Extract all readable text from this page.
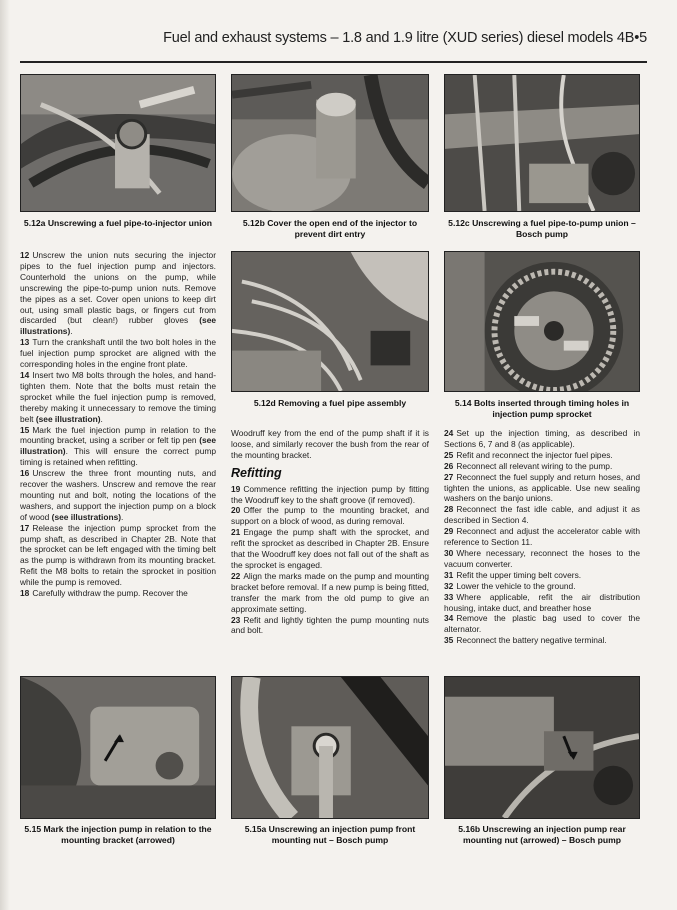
Fuel and exhaust systems – 1.8 and 1.9 litre (XUD series) diesel models 4B•5
5.12a Unscrewing a fuel pipe-to-injector union	5.12b Cover the open end of the injector to prevent dirt entry
5.12c Unscrewing a fuel pipe-to-pump union – Bosch pump
5.12d Removing a fuel pipe assembly	5.14 Bolts inserted through timing holes in injection pump sprocket
5.15 Mark the injection pump in relation to the mounting bracket (arrowed)
5.15a Unscrewing an injection pump front mounting nut – Bosch pump
5.16b Unscrewing an injection pump rear mounting nut (arrowed) – Bosch pump

12 Unscrew the union nuts securing the injector pipes to the fuel injection pump and injectors. Counterhold the unions on the pump, while unscrewing the pipe-to-pump union nuts. Remove the pipes as a set. Cover open unions to keep dirt out, using small plastic bags, or fingers cut from discarded (but clean!) rubber gloves (see illustrations).

13 Turn the crankshaft until the two bolt holes in the fuel injection pump sprocket are aligned with the corresponding holes in the engine front plate.

14 Insert two M8 bolts through the holes, and hand-tighten them. Note that the bolts must retain the sprocket while the fuel injection pump is removed, thereby making it unnecessary to remove the timing belt (see illustration).

15 Mark the fuel injection pump in relation to the mounting bracket, using a scriber or felt tip pen (see illustration). This will ensure the correct pump timing is retained when refitting.

16 Unscrew the three front mounting nuts, and recover the washers. Unscrew and remove the rear mounting nut and bolt, noting the locations of the washers, and support the injection pump on a block of wood (see illustrations).

17 Release the injection pump sprocket from the pump shaft, as described in Chapter 2B. Note that the sprocket can be left engaged with the timing belt as the pump is withdrawn from its mounting bracket. Refit the M8 bolts to retain the sprocket in position while the pump is removed.

18 Carefully withdraw the pump. Recover the

Woodruff key from the end of the pump shaft if it is loose, and similarly recover the bush from the rear of the mounting bracket.

Refitting

19 Commence refitting the injection pump by fitting the Woodruff key to the shaft groove (if removed).

20 Offer the pump to the mounting bracket, and support on a block of wood, as during removal.

21 Engage the pump shaft with the sprocket, and refit the sprocket as described in Chapter 2B. Ensure that the Woodruff key does not fall out of the shaft as the sprocket is engaged.

22 Align the marks made on the pump and mounting bracket before removal. If a new pump is being fitted, transfer the mark from the old pump to give an approximate setting.

23 Refit and lightly tighten the pump mounting nuts and bolt.

24 Set up the injection timing, as described in Sections 6, 7 and 8 (as applicable).

25 Refit and reconnect the injector fuel pipes.

26 Reconnect all relevant wiring to the pump.

27 Reconnect the fuel supply and return hoses, and tighten the unions, as applicable. Use new sealing washers on the banjo unions.

28 Reconnect the fast idle cable, and adjust it as described in Section 4.

29 Reconnect and adjust the accelerator cable with reference to Section 11.

30 Where necessary, reconnect the hoses to the vacuum converter.

31 Refit the upper timing belt covers.

32 Lower the vehicle to the ground.

33 Where applicable, refit the air distribution housing, intake duct, and breather hose

34 Remove the plastic bag used to cover the alternator.

35 Reconnect the battery negative terminal.
